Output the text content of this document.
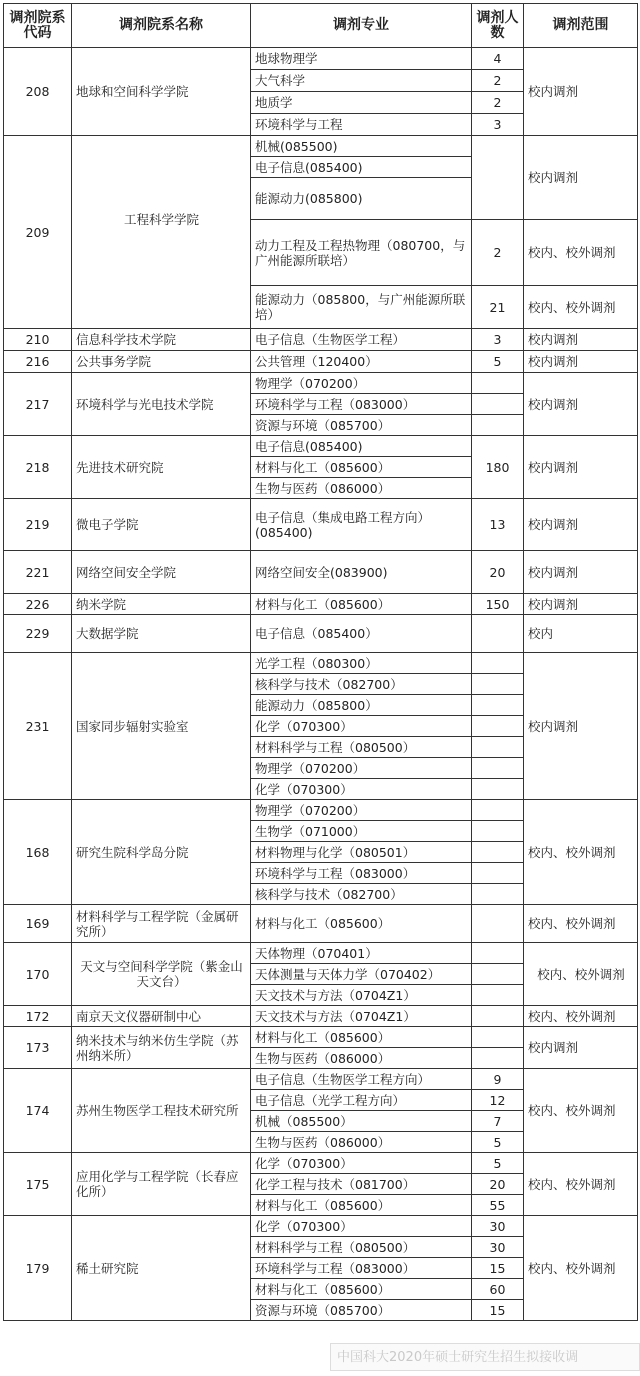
调剂院系代码	调剂院系名称	调剂专业	调剂人数	调剂范围
208	地球和空间科学学院	地球物理学	4	校内调剂
		大气科学	2	
		地质学	2	
		环境科学与工程	3	
209	工程科学学院	机械(085500)		校内调剂
		电子信息(085400)		
		能源动力(085800)		
		动力工程及工程热物理（080700，与广州能源所联培）	2	校内、校外调剂
		能源动力（085800，与广州能源所联培）	21	校内、校外调剂
210	信息科学技术学院	电子信息（生物医学工程）	3	校内调剂
216	公共事务学院	公共管理（120400）	5	校内调剂
217	环境科学与光电技术学院	物理学（070200）		校内调剂
		环境科学与工程（083000）		
		资源与环境（085700）		
218	先进技术研究院	电子信息(085400)	180	校内调剂
		材料与化工（085600）		
		生物与医药（086000）		
219	微电子学院	电子信息（集成电路工程方向）(085400)	13	校内调剂
221	网络空间安全学院	网络空间安全(083900)	20	校内调剂
226	纳米学院	材料与化工（085600）	150	校内调剂
229	大数据学院	电子信息（085400）		校内
231	国家同步辐射实验室	光学工程（080300）		校内调剂
		核科学与技术（082700）		
		能源动力（085800）		
		化学（070300）		
		材料科学与工程（080500）		
		物理学（070200）		
		化学（070300）		
168	研究生院科学岛分院	物理学（070200）		校内、校外调剂
		生物学（071000）		
		材料物理与化学（080501）		
		环境科学与工程（083000）		
		核科学与技术（082700）		
169	材料科学与工程学院（金属研究所）	材料与化工（085600）		校内、校外调剂
170	天文与空间科学学院（紫金山天文台）	天体物理（070401）		校内、校外调剂
		天体测量与天体力学（070402）		
		天文技术与方法（0704Z1）		
172	南京天文仪器研制中心	天文技术与方法（0704Z1）		校内、校外调剂
173	纳米技术与纳米仿生学院（苏州纳米所）	材料与化工（085600）		校内调剂
		生物与医药（086000）		
174	苏州生物医学工程技术研究所	电子信息（生物医学工程方向）	9	校内、校外调剂
		电子信息（光学工程方向）	12	
		机械（085500）	7	
		生物与医药（086000）	5	
175	应用化学与工程学院（长春应化所）	化学（070300）	5	校内、校外调剂
		化学工程与技术（081700）	20	
		材料与化工（085600）	55	
179	稀土研究院	化学（070300）	30	校内、校外调剂
		材料科学与工程（080500）	30	
		环境科学与工程（083000）	15	
		材料与化工（085600）	60	
		资源与环境（085700）	15	
中国科大2020年硕士研究生招生拟接收调
